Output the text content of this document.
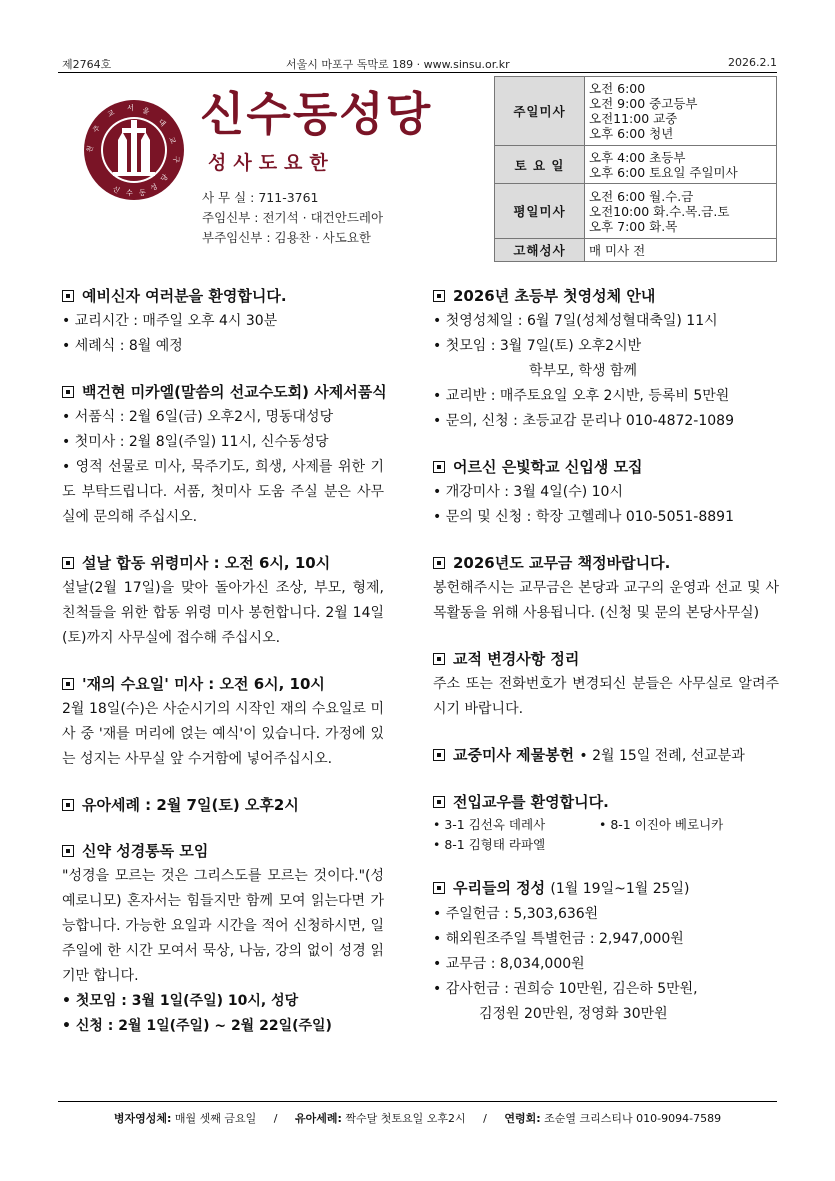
제2764호	서울시 마포구 독막로 189 · www.sinsu.or.kr	2026.2.1
천
주
교
서 울
대
교
구
신 수 동
성
당
신수동성당
성사도요한
사 무 실 : 711-3761
주임신부 : 전기석 · 대건안드레아
부주임신부 : 김용찬 · 사도요한
주일미사	오전 6:00
오전 9:00 중고등부
오전11:00 교중
오후 6:00 청년

토 요 일	오후 4:00 초등부
오후 6:00 토요일 주일미사

평일미사	오전 6:00 월.수.금
오전10:00 화.수.목.금.토
오후 7:00 화.목

고해성사	매 미사 전
예비신자 여러분을 환영합니다.
• 교리시간 : 매주일 오후 4시 30분
• 세례식 : 8월 예정
백건현 미카엘(말씀의 선교수도회) 사제서품식
• 서품식 : 2월 6일(금) 오후2시, 명동대성당
• 첫미사 : 2월 8일(주일) 11시, 신수동성당
• 영적 선물로 미사, 묵주기도, 희생, 사제를 위한 기도 부탁드립니다. 서품, 첫미사 도움 주실 분은 사무실에 문의해 주십시오.
설날 합동 위령미사 : 오전 6시, 10시
설날(2월 17일)을 맞아 돌아가신 조상, 부모, 형제, 친척들을 위한 합동 위령 미사 봉헌합니다. 2월 14일(토)까지 사무실에 접수해 주십시오.
'재의 수요일' 미사 : 오전 6시, 10시
2월 18일(수)은 사순시기의 시작인 재의 수요일로 미사 중 '재를 머리에 얹는 예식'이 있습니다. 가정에 있는 성지는 사무실 앞 수거함에 넣어주십시오.
유아세례 : 2월 7일(토) 오후2시
신약 성경통독 모임
"성경을 모르는 것은 그리스도를 모르는 것이다."(성예로니모) 혼자서는 힘들지만 함께 모여 읽는다면 가능합니다. 가능한 요일과 시간을 적어 신청하시면, 일주일에 한 시간 모여서 묵상, 나눔, 강의 없이 성경 읽기만 합니다.
• 첫모임 : 3월 1일(주일) 10시, 성당
• 신청 : 2월 1일(주일) ~ 2월 22일(주일)
2026년 초등부 첫영성체 안내
• 첫영성체일 : 6월 7일(성체성혈대축일) 11시
• 첫모임 : 3월 7일(토) 오후2시반
학부모, 학생 함께
• 교리반 : 매주토요일 오후 2시반, 등록비 5만원
• 문의, 신청 : 초등교감 문리나 010-4872-1089
어르신 은빛학교 신입생 모집
• 개강미사 : 3월 4일(수) 10시
• 문의 및 신청 : 학장 고헬레나 010-5051-8891
2026년도 교무금 책정바랍니다.
봉헌해주시는 교무금은 본당과 교구의 운영과 선교 및 사목활동을 위해 사용됩니다. (신청 및 문의 본당사무실)
교적 변경사항 정리
주소 또는 전화번호가 변경되신 분들은 사무실로 알려주시기 바랍니다.
교중미사 제물봉헌 • 2월 15일 전례, 선교분과
전입교우를 환영합니다.
• 3-1 김선옥 데레사	• 8-1 이진아 베로니카
• 8-1 김형태 라파엘
우리들의 정성 (1월 19일~1월 25일)
• 주일헌금 : 5,303,636원
• 해외원조주일 특별헌금 : 2,947,000원
• 교무금 : 8,034,000원
• 감사헌금 : 권희승 10만원, 김은하 5만원,
김정원 20만원, 정영화 30만원
병자영성체: 매월 셋째 금요일 / 유아세례: 짝수달 첫토요일 오후2시 / 연령회: 조순열 크리스티나 010-9094-7589
